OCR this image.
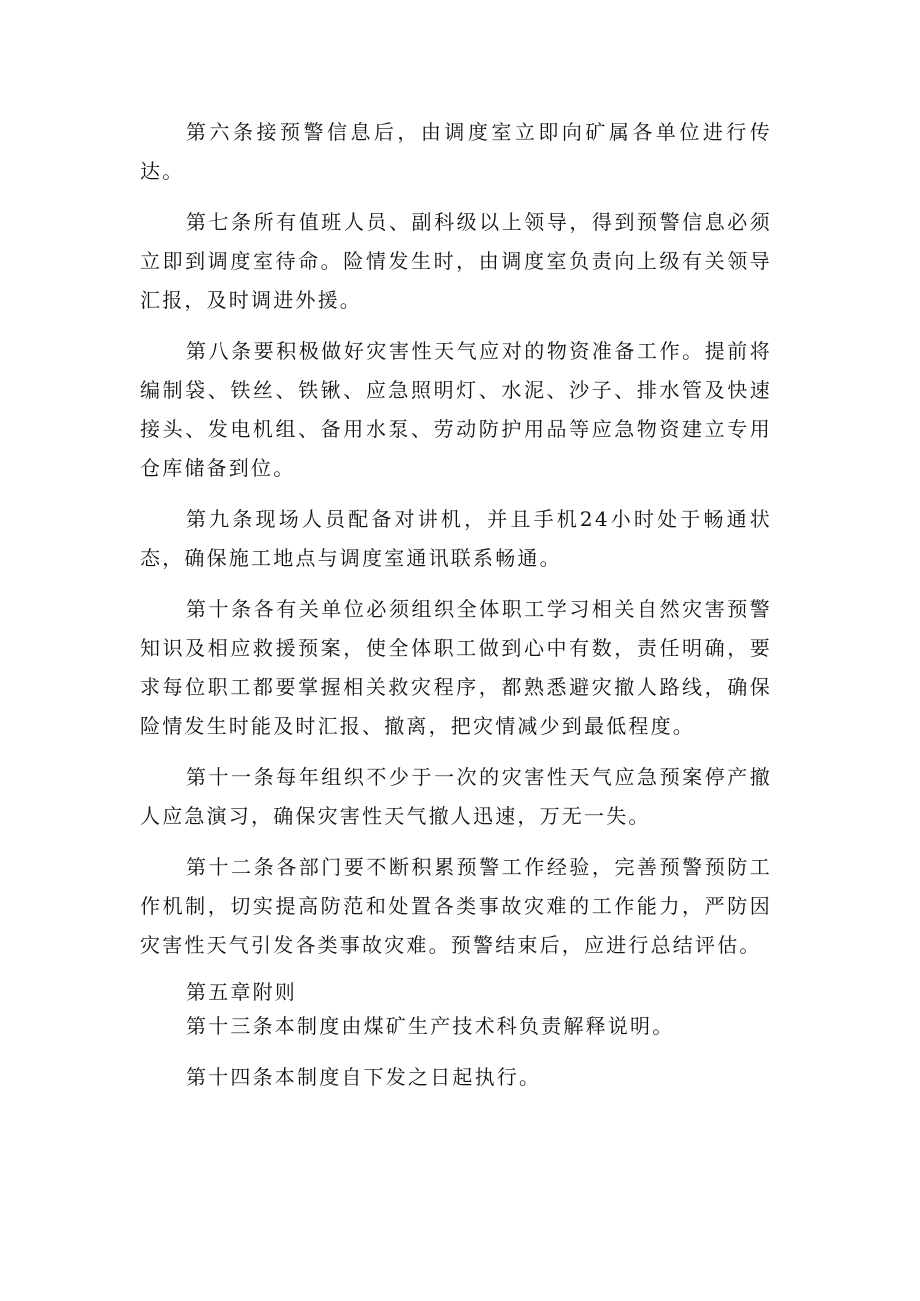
第六条接预警信息后，由调度室立即向矿属各单位进行传达。

第七条所有值班人员、副科级以上领导，得到预警信息必须立即到调度室待命。险情发生时，由调度室负责向上级有关领导汇报，及时调进外援。

第八条要积极做好灾害性天气应对的物资准备工作。提前将编制袋、铁丝、铁锹、应急照明灯、水泥、沙子、排水管及快速接头、发电机组、备用水泵、劳动防护用品等应急物资建立专用仓库储备到位。

第九条现场人员配备对讲机，并且手机24小时处于畅通状态，确保施工地点与调度室通讯联系畅通。

第十条各有关单位必须组织全体职工学习相关自然灾害预警知识及相应救援预案，使全体职工做到心中有数，责任明确，要求每位职工都要掌握相关救灾程序，都熟悉避灾撤人路线，确保险情发生时能及时汇报、撤离，把灾情减少到最低程度。

第十一条每年组织不少于一次的灾害性天气应急预案停产撤人应急演习，确保灾害性天气撤人迅速，万无一失。

第十二条各部门要不断积累预警工作经验，完善预警预防工作机制，切实提高防范和处置各类事故灾难的工作能力，严防因灾害性天气引发各类事故灾难。预警结束后，应进行总结评估。

第五章附则

第十三条本制度由煤矿生产技术科负责解释说明。

第十四条本制度自下发之日起执行。
